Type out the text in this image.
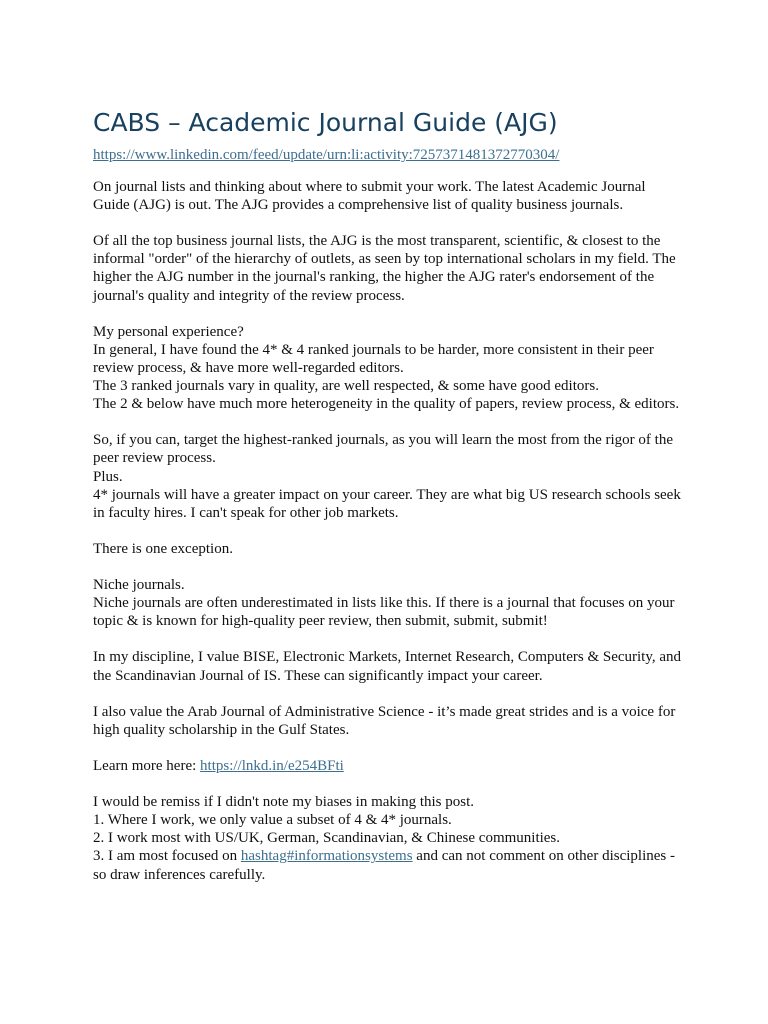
CABS – Academic Journal Guide (AJG)
https://www.linkedin.com/feed/update/urn:li:activity:7257371481372770304/

On journal lists and thinking about where to submit your work. The latest Academic Journal Guide (AJG) is out. The AJG provides a comprehensive list of quality business journals.

Of all the top business journal lists, the AJG is the most transparent, scientific, & closest to the informal "order" of the hierarchy of outlets, as seen by top international scholars in my field. The higher the AJG number in the journal's ranking, the higher the AJG rater's endorsement of the journal's quality and integrity of the review process.

My personal experience?
In general, I have found the 4* & 4 ranked journals to be harder, more consistent in their peer review process, & have more well-regarded editors.
The 3 ranked journals vary in quality, are well respected, & some have good editors.
The 2 & below have much more heterogeneity in the quality of papers, review process, & editors.

So, if you can, target the highest-ranked journals, as you will learn the most from the rigor of the peer review process.
Plus.
4* journals will have a greater impact on your career. They are what big US research schools seek in faculty hires. I can't speak for other job markets.

There is one exception.

Niche journals.
Niche journals are often underestimated in lists like this. If there is a journal that focuses on your topic & is known for high-quality peer review, then submit, submit, submit!

In my discipline, I value BISE, Electronic Markets, Internet Research, Computers & Security, and the Scandinavian Journal of IS. These can significantly impact your career.

I also value the Arab Journal of Administrative Science - it’s made great strides and is a voice for high quality scholarship in the Gulf States.

Learn more here: https://lnkd.in/e254BFti

I would be remiss if I didn't note my biases in making this post.
1. Where I work, we only value a subset of 4 & 4* journals.
2. I work most with US/UK, German, Scandinavian, & Chinese communities.
3. I am most focused on hashtag#informationsystems and can not comment on other disciplines - so draw inferences carefully.
